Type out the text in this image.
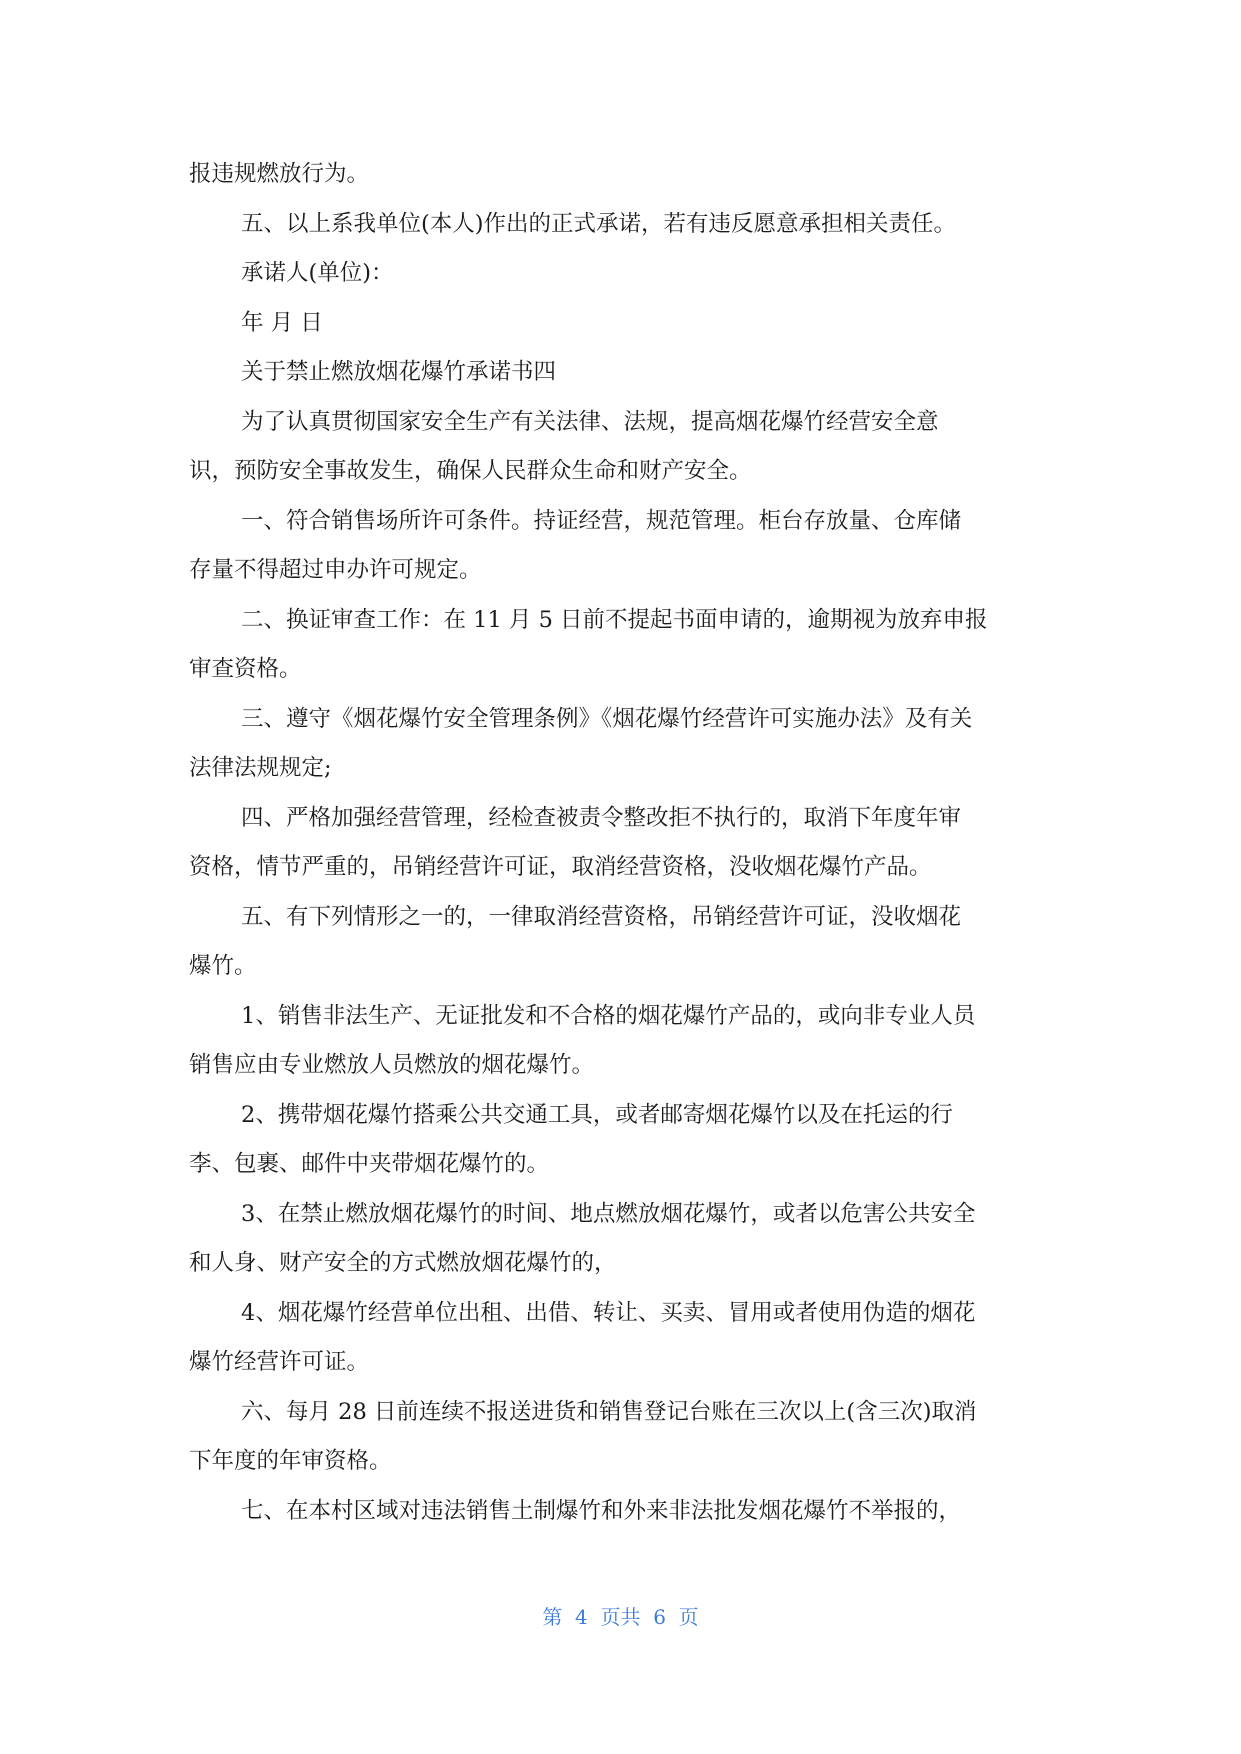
报违规燃放行为。

五、以上系我单位(本人)作出的正式承诺，若有违反愿意承担相关责任。

承诺人(单位)：

年 月 日

关于禁止燃放烟花爆竹承诺书四

为了认真贯彻国家安全生产有关法律、法规，提高烟花爆竹经营安全意

识，预防安全事故发生，确保人民群众生命和财产安全。

一、符合销售场所许可条件。持证经营，规范管理。柜台存放量、仓库储

存量不得超过申办许可规定。

二、换证审查工作：在 11 月 5 日前不提起书面申请的，逾期视为放弃申报

审查资格。

三、遵守《烟花爆竹安全管理条例》《烟花爆竹经营许可实施办法》及有关

法律法规规定;

四、严格加强经营管理，经检查被责令整改拒不执行的，取消下年度年审

资格，情节严重的，吊销经营许可证，取消经营资格，没收烟花爆竹产品。

五、有下列情形之一的，一律取消经营资格，吊销经营许可证，没收烟花

爆竹。

1、销售非法生产、无证批发和不合格的烟花爆竹产品的，或向非专业人员

销售应由专业燃放人员燃放的烟花爆竹。

2、携带烟花爆竹搭乘公共交通工具，或者邮寄烟花爆竹以及在托运的行

李、包裹、邮件中夹带烟花爆竹的。

3、在禁止燃放烟花爆竹的时间、地点燃放烟花爆竹，或者以危害公共安全

和人身、财产安全的方式燃放烟花爆竹的，

4、烟花爆竹经营单位出租、出借、转让、买卖、冒用或者使用伪造的烟花

爆竹经营许可证。

六、每月 28 日前连续不报送进货和销售登记台账在三次以上(含三次)取消

下年度的年审资格。

七、在本村区域对违法销售土制爆竹和外来非法批发烟花爆竹不举报的，

第  4  页共  6  页
